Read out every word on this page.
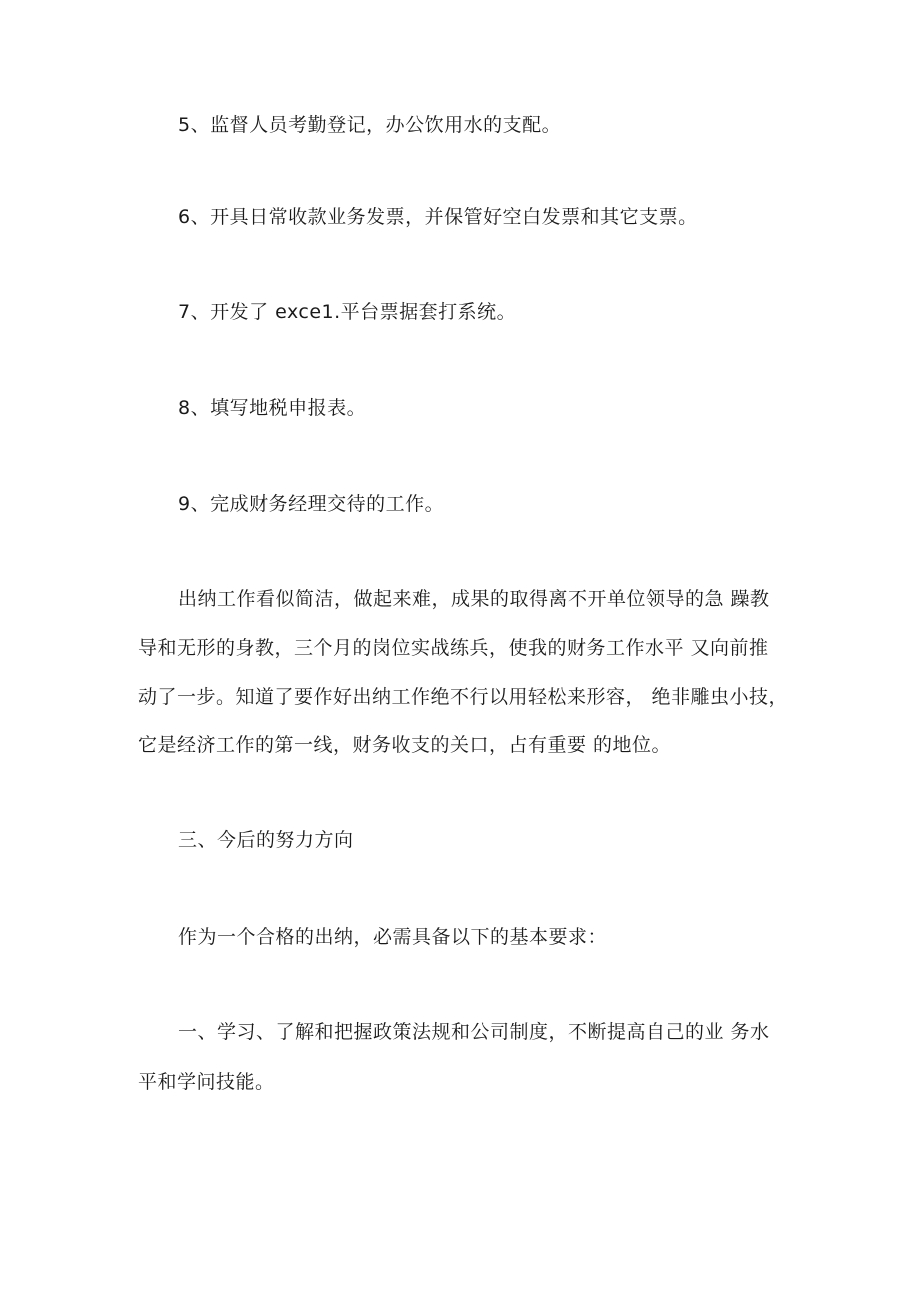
5、监督人员考勤登记，办公饮用水的支配。
6、开具日常收款业务发票，并保管好空白发票和其它支票。
7、开发了 exce1.平台票据套打系统。
8、填写地税申报表。
9、完成财务经理交待的工作。
出纳工作看似简洁，做起来难，成果的取得离不开单位领导的急 躁教
导和无形的身教，三个月的岗位实战练兵，使我的财务工作水平 又向前推
动了一步。知道了要作好出纳工作绝不行以用轻松来形容， 绝非雕虫小技，
它是经济工作的第一线，财务收支的关口，占有重要 的地位。
三、今后的努力方向
作为一个合格的出纳，必需具备以下的基本要求：
一、学习、了解和把握政策法规和公司制度，不断提高自己的业 务水
平和学问技能。
